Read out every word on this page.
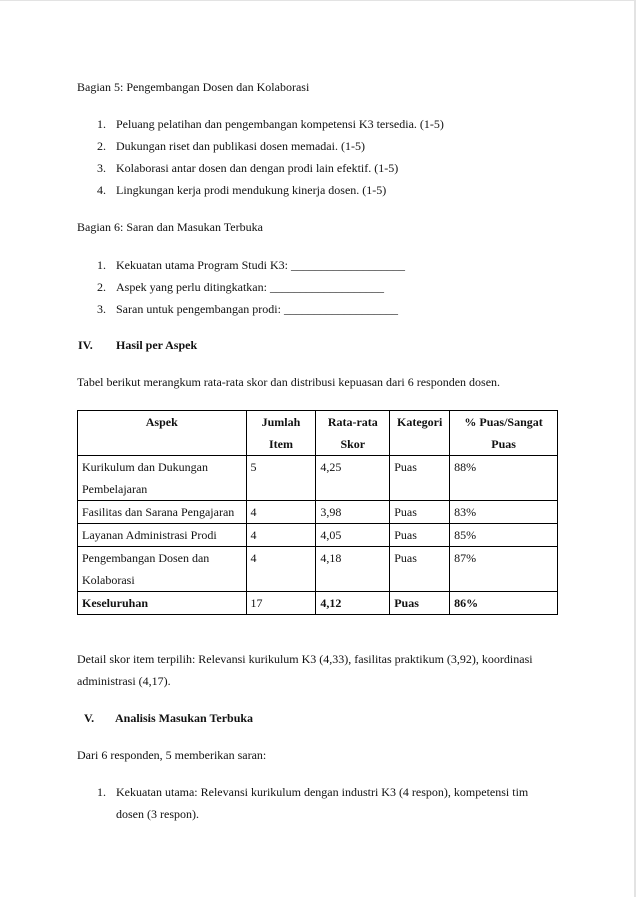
Bagian 5: Pengembangan Dosen dan Kolaborasi
1. Peluang pelatihan dan pengembangan kompetensi K3 tersedia. (1-5)
2. Dukungan riset dan publikasi dosen memadai. (1-5)
3. Kolaborasi antar dosen dan dengan prodi lain efektif. (1-5)
4. Lingkungan kerja prodi mendukung kinerja dosen. (1-5)
Bagian 6: Saran dan Masukan Terbuka
1. Kekuatan utama Program Studi K3: ___________________
2. Aspek yang perlu ditingkatkan: ___________________
3. Saran untuk pengembangan prodi: ___________________
IV. Hasil per Aspek
Tabel berikut merangkum rata-rata skor dan distribusi kepuasan dari 6 responden dosen.
Aspek	Jumlah Item	Rata-rata Skor	Kategori	% Puas/Sangat Puas
Kurikulum dan Dukungan Pembelajaran	5	4,25	Puas	88%
Fasilitas dan Sarana Pengajaran	4	3,98	Puas	83%
Layanan Administrasi Prodi	4	4,05	Puas	85%
Pengembangan Dosen dan Kolaborasi	4	4,18	Puas	87%
Keseluruhan	17	4,12	Puas	86%
Detail skor item terpilih: Relevansi kurikulum K3 (4,33), fasilitas praktikum (3,92), koordinasi
administrasi (4,17).
V. Analisis Masukan Terbuka
Dari 6 responden, 5 memberikan saran:
1. Kekuatan utama: Relevansi kurikulum dengan industri K3 (4 respon), kompetensi tim
dosen (3 respon).
